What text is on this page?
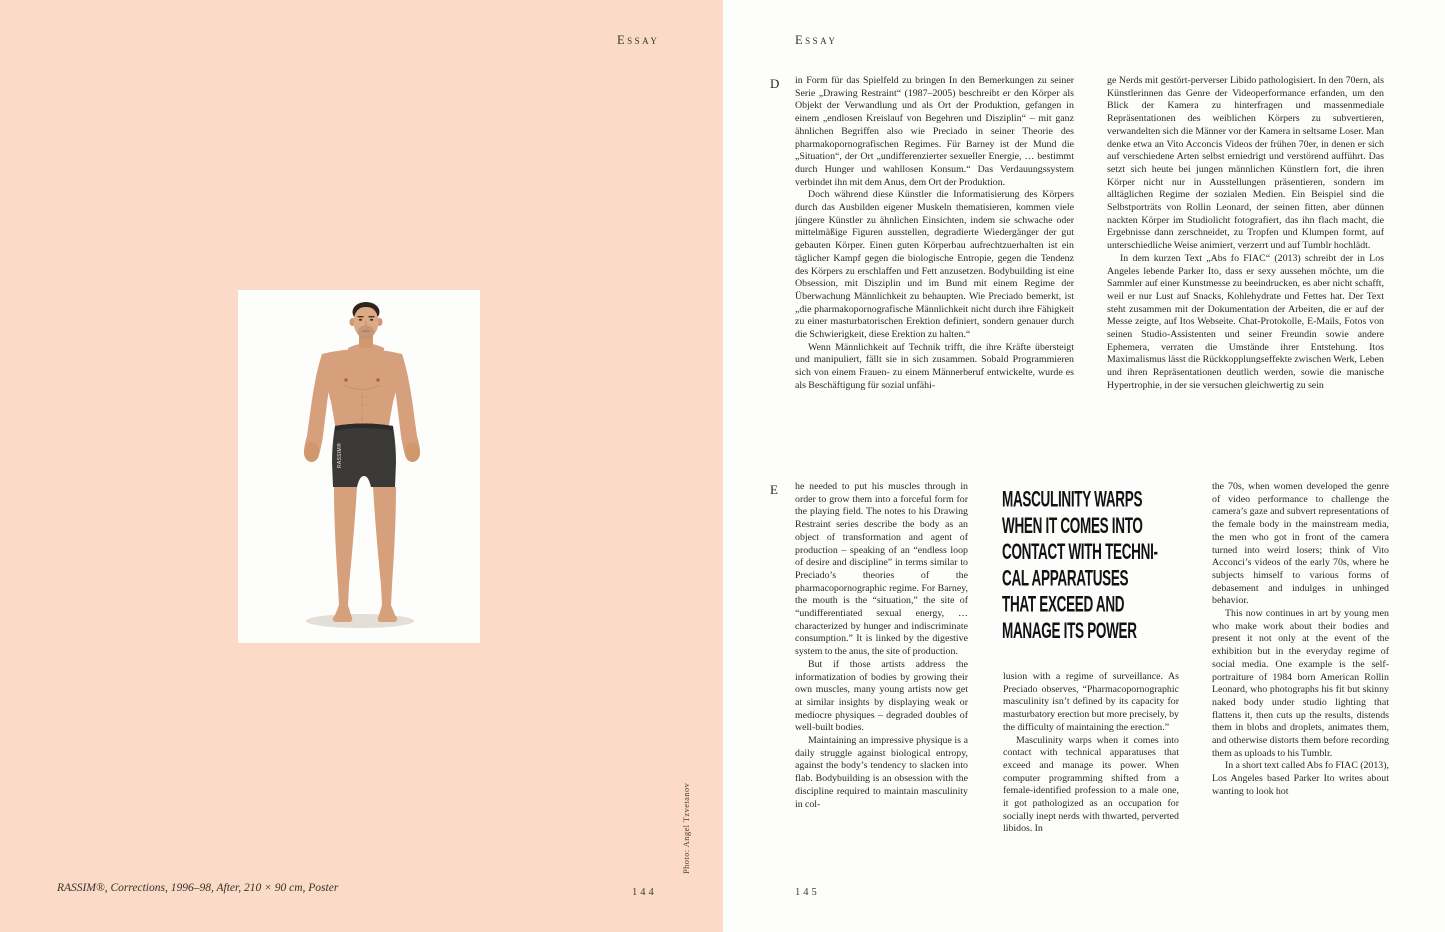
Essay	Essay
RASSIM®
Photo: Angel Tzvetanov
RASSIM®, Corrections, 1996–98, After, 210 × 90 cm, Poster	144	145
D	in Form für das Spielfeld zu bringen In den Bemerkungen zu seiner Serie „Drawing Restraint“ (1987–2005) beschreibt er den Körper als Objekt der Verwandlung und als Ort der Produktion, gefangen in einem „endlosen Kreislauf von Begehren und Disziplin“ – mit ganz ähnlichen Begriffen also wie Preciado in seiner Theorie des pharmakopornografischen Regimes. Für Barney ist der Mund die „Situation“, der Ort „undifferenzierter sexueller Energie, … bestimmt durch Hunger und wahllosen Konsum.“ Das Verdauungssystem verbindet ihn mit dem Anus, dem Ort der Produktion.

Doch während diese Künstler die Informatisierung des Körpers durch das Ausbilden eigener Muskeln thematisieren, kommen viele jüngere Künstler zu ähnlichen Einsichten, indem sie schwache oder mittelmäßige Figuren ausstellen, degradierte Wiedergänger der gut gebauten Körper. Einen guten Körperbau aufrechtzuerhalten ist ein täglicher Kampf gegen die biologische Entropie, gegen die Tendenz des Körpers zu erschlaffen und Fett anzusetzen. Bodybuilding ist eine Obsession, mit Disziplin und im Bund mit einem Regime der Überwachung Männlichkeit zu behaupten. Wie Preciado bemerkt, ist „die pharmakopornografische Männlichkeit nicht durch ihre Fähigkeit zu einer masturbatorischen Erektion definiert, sondern genauer durch die Schwierigkeit, diese Erektion zu halten.“

Wenn Männlichkeit auf Technik trifft, die ihre Kräfte übersteigt und manipuliert, fällt sie in sich zusammen. Sobald Programmieren sich von einem Frauen- zu einem Männerberuf entwickelte, wurde es als Beschäftigung für sozial unfähi-

ge Nerds mit gestört-perverser Libido pathologisiert. In den 70ern, als Künstlerinnen das Genre der Videoperformance erfanden, um den Blick der Kamera zu hinterfragen und massenmediale Repräsentationen des weiblichen Körpers zu subvertieren, verwandelten sich die Männer vor der Kamera in seltsame Loser. Man denke etwa an Vito Acconcis Videos der frühen 70er, in denen er sich auf verschiedene Arten selbst erniedrigt und verstörend aufführt. Das setzt sich heute bei jungen männlichen Künstlern fort, die ihren Körper nicht nur in Ausstellungen präsentieren, sondern im alltäglichen Regime der sozialen Medien. Ein Beispiel sind die Selbstporträts von Rollin Leonard, der seinen fitten, aber dünnen nackten Körper im Studiolicht fotografiert, das ihn flach macht, die Ergebnisse dann zerschneidet, zu Tropfen und Klumpen formt, auf unterschiedliche Weise animiert, verzerrt und auf Tumblr hochlädt.

In dem kurzen Text „Abs fo FIAC“ (2013) schreibt der in Los Angeles lebende Parker Ito, dass er sexy aussehen möchte, um die Sammler auf einer Kunstmesse zu beeindrucken, es aber nicht schafft, weil er nur Lust auf Snacks, Kohlehydrate und Fettes hat. Der Text steht zusammen mit der Dokumentation der Arbeiten, die er auf der Messe zeigte, auf Itos Webseite. Chat-Protokolle, E-Mails, Fotos von seinen Studio-Assistenten und seiner Freundin sowie andere Ephemera, verraten die Umstände ihrer Entstehung. Itos Maximalismus lässt die Rückkopplungseffekte zwischen Werk, Leben und ihren Repräsentationen deutlich werden, sowie die manische Hypertrophie, in der sie versuchen gleichwertig zu sein

E	he needed to put his muscles through in order to grow them into a forceful form for the playing field. The notes to his Drawing Restraint series describe the body as an object of transformation and agent of production – speaking of an “endless loop of desire and discipline” in terms similar to Preciado’s theories of the pharmacopornographic regime. For Barney, the mouth is the “situation,” the site of “undifferentiated sexual energy, … characterized by hunger and indiscriminate consumption.” It is linked by the digestive system to the anus, the site of production.

But if those artists address the informatization of bodies by growing their own muscles, many young artists now get at similar insights by displaying weak or mediocre physiques – degraded doubles of well-built bodies.

Maintaining an impressive physique is a daily struggle against biological entropy, against the body’s tendency to slacken into flab. Bodybuilding is an obsession with the discipline required to maintain masculinity in col-

MASCULINITY WARPS
WHEN IT COMES INTO
CONTACT WITH TECHNI-
CAL APPARATUSES
THAT EXCEED AND
MANAGE ITS POWER

lusion with a regime of surveillance. As Preciado observes, “Pharmacopornographic masculinity isn’t defined by its capacity for masturbatory erection but more precisely, by the difficulty of maintaining the erection.”

Masculinity warps when it comes into contact with technical apparatuses that exceed and manage its power. When computer programming shifted from a female-identified profession to a male one, it got pathologized as an occupation for socially inept nerds with thwarted, perverted libidos. In

the 70s, when women developed the genre of video performance to challenge the camera’s gaze and subvert representations of the female body in the mainstream media, the men who got in front of the camera turned into weird losers; think of Vito Acconci’s videos of the early 70s, where he subjects himself to various forms of debasement and indulges in unhinged behavior.

This now continues in art by young men who make work about their bodies and present it not only at the event of the exhibition but in the everyday regime of social media. One example is the self-portraiture of 1984 born American Rollin Leonard, who photographs his fit but skinny naked body under studio lighting that flattens it, then cuts up the results, distends them in blobs and droplets, animates them, and otherwise distorts them before recording them as uploads to his Tumblr.

In a short text called Abs fo FIAC (2013), Los Angeles based Parker Ito writes about wanting to look hot
